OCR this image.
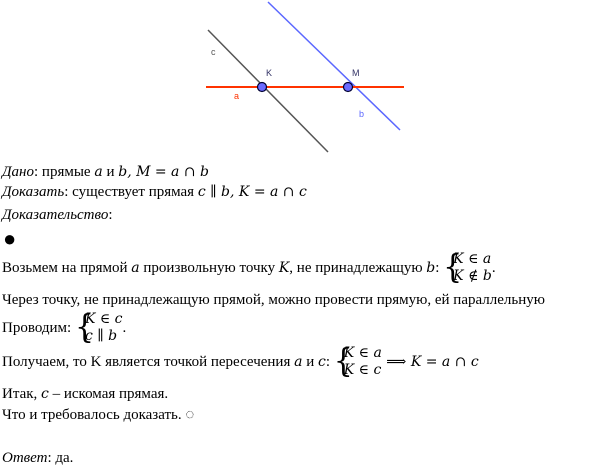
c
a
K	M
b
Дано: прямые a и b, M = a ∩ b
Доказать: существует прямая c ∥ b, K = a ∩ c
Доказательство:
●
Возьмем на прямой a произвольную точку K, не принадлежащую b: {
K ∈ a
K ∉ b .
Через точку, не принадлежащую прямой, можно провести прямую, ей параллельную
Проводим: {
K ∈ c
c ∥ b .
Получаем, то K является точкой пересечения a и c: {
K ∈ a
K ∈ c ⟹ K = a ∩ c
Итак, c – искомая прямая.
Что и требовалось доказать. ◌
Ответ: да.
